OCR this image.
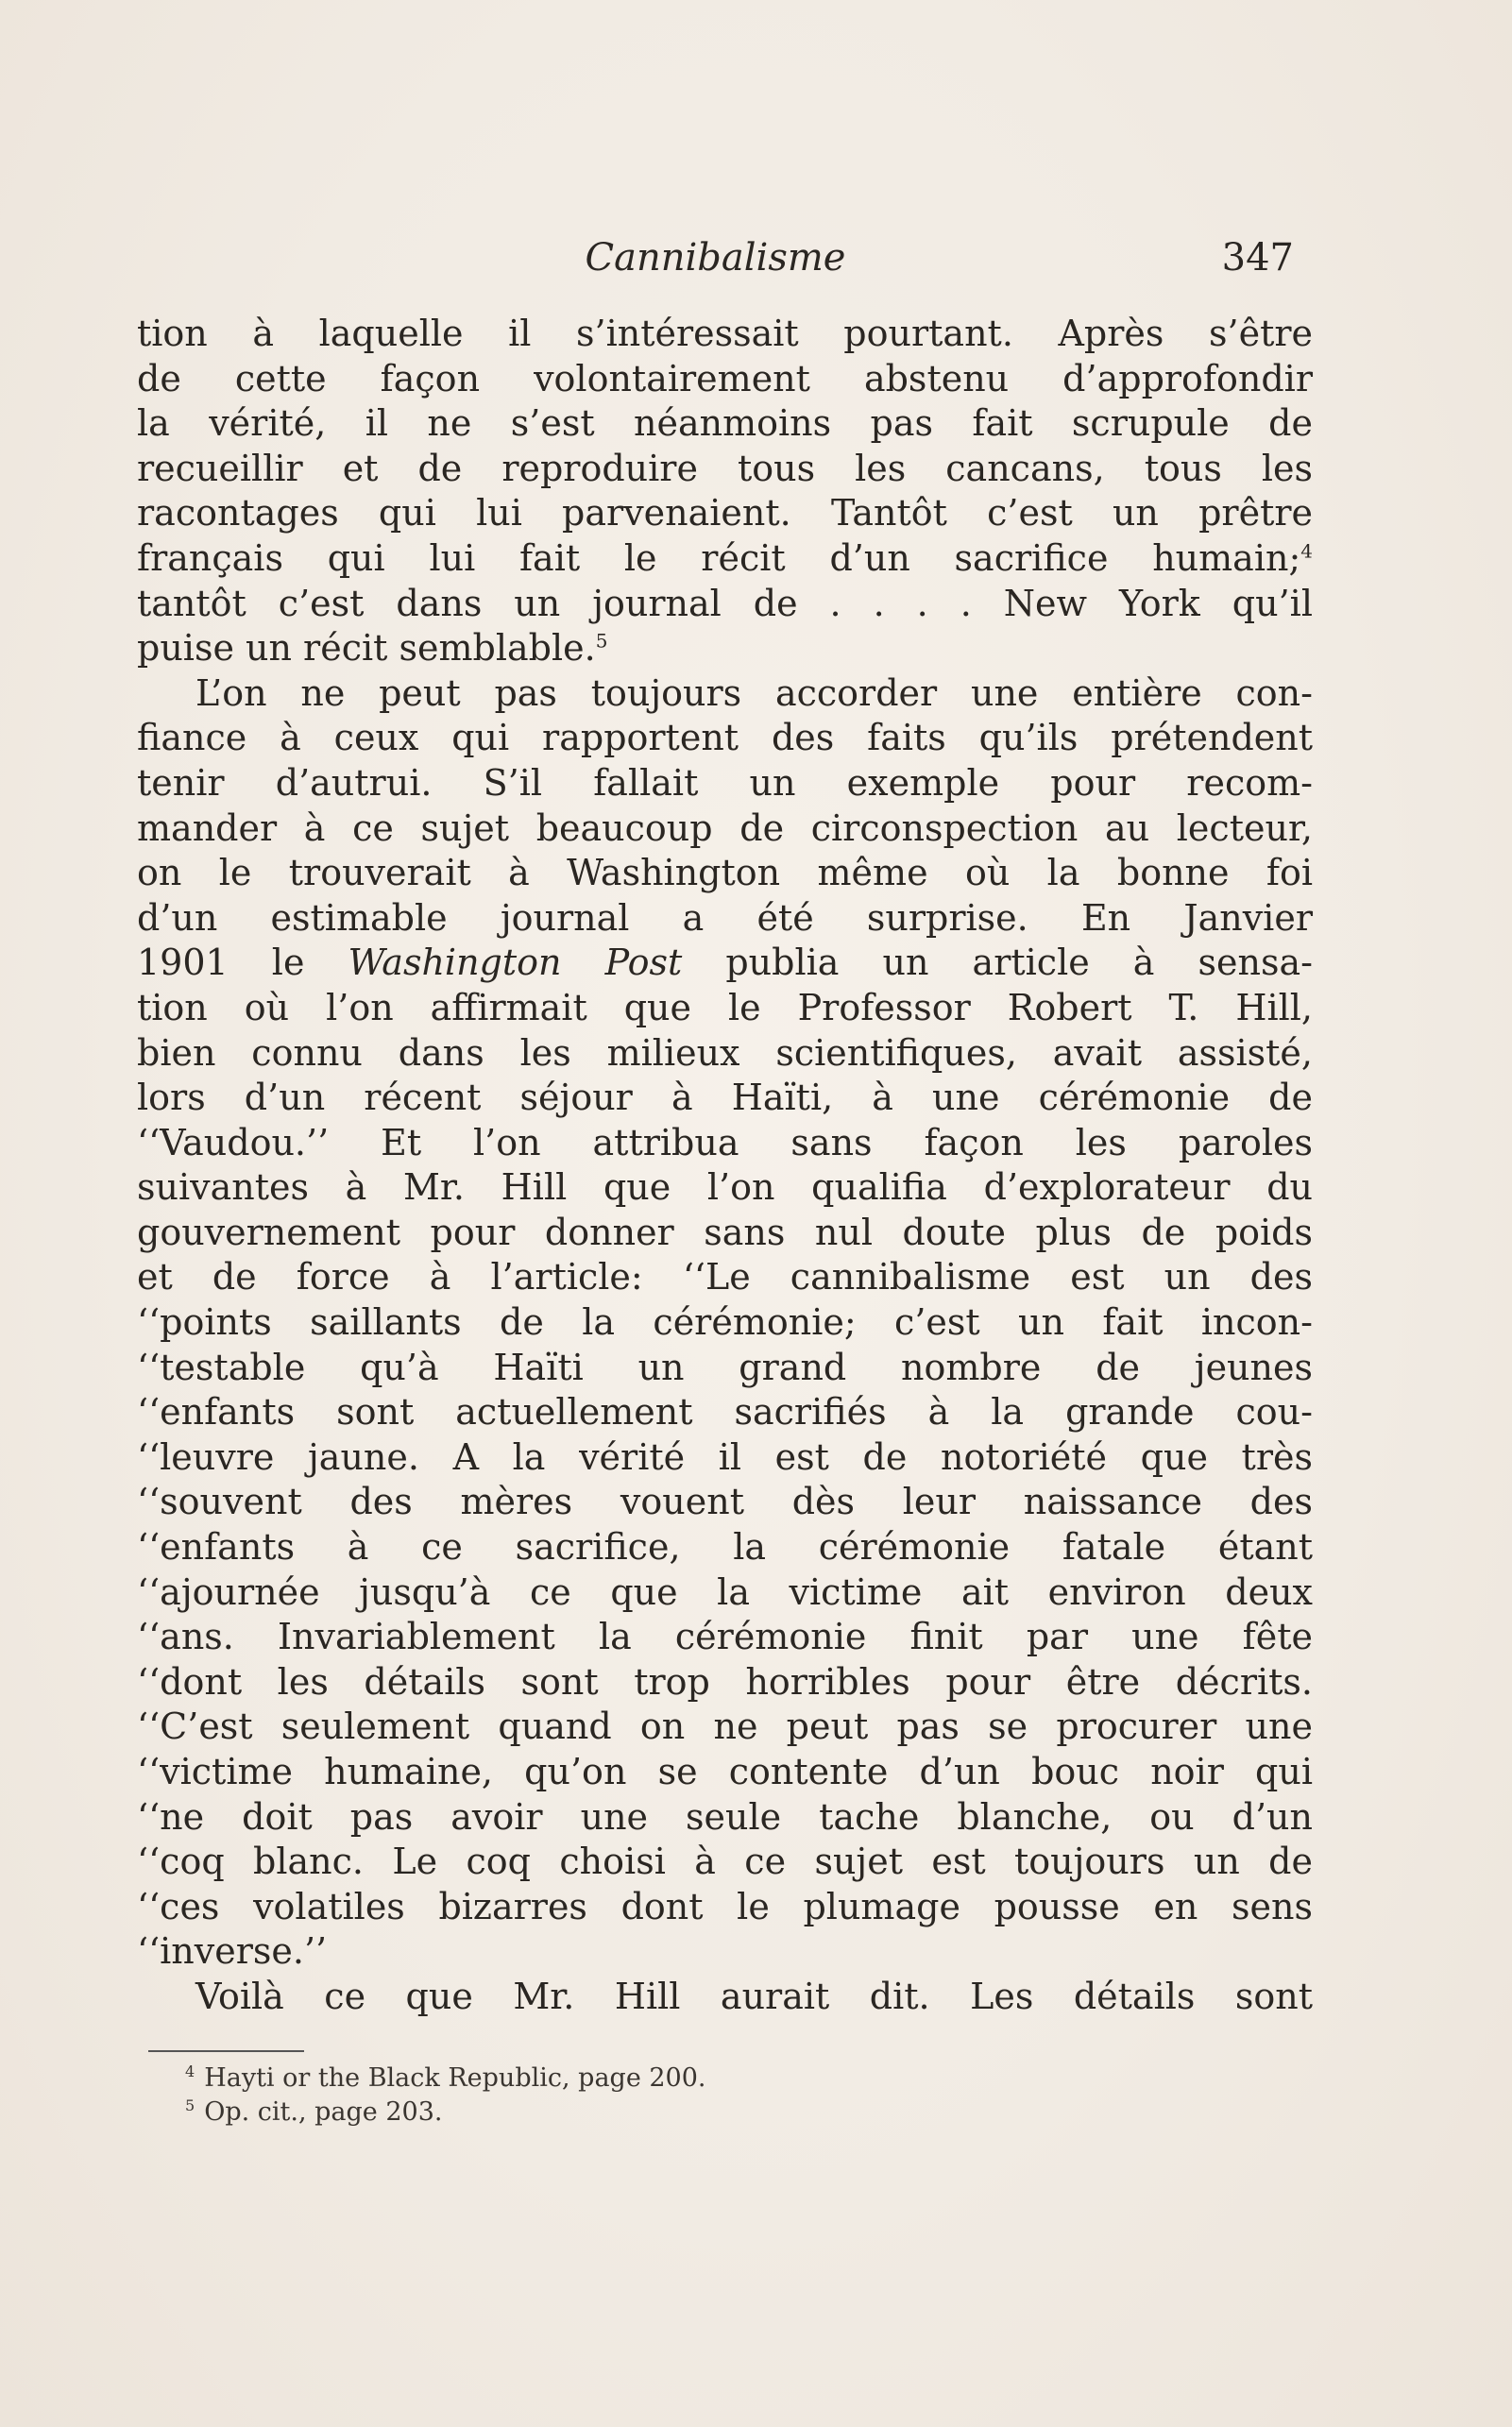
Cannibalisme	347
tion à laquelle il s’intéressait pourtant. Après s’être
de cette façon volontairement abstenu d’approfondir
la vérité, il ne s’est néanmoins pas fait scrupule de
recueillir et de reproduire tous les cancans, tous les
racontages qui lui parvenaient. Tantôt c’est un prêtre
français qui lui fait le récit d’un sacrifice humain;$^4$
tantôt c’est dans un journal de . . . . New York qu’il
puise un récit semblable.$^5$
L’on ne peut pas toujours accorder une entière con-
fiance à ceux qui rapportent des faits qu’ils prétendent
tenir d’autrui. S’il fallait un exemple pour recom-
mander à ce sujet beaucoup de circonspection au lecteur,
on le trouverait à Washington même où la bonne foi
d’un estimable journal a été surprise. En Janvier
1901 le Washington Post publia un article à sensa-
tion où l’on affirmait que le Professor Robert T. Hill,
bien connu dans les milieux scientifiques, avait assisté,
lors d’un récent séjour à Haïti, à une cérémonie de
‘‘Vaudou.’’ Et l’on attribua sans façon les paroles
suivantes à Mr. Hill que l’on qualifia d’explorateur du
gouvernement pour donner sans nul doute plus de poids
et de force à l’article: ‘‘Le cannibalisme est un des
‘‘points saillants de la cérémonie; c’est un fait incon-
‘‘testable qu’à Haïti un grand nombre de jeunes
‘‘enfants sont actuellement sacrifiés à la grande cou-
‘‘leuvre jaune. A la vérité il est de notoriété que très
‘‘souvent des mères vouent dès leur naissance des
‘‘enfants à ce sacrifice, la cérémonie fatale étant
‘‘ajournée jusqu’à ce que la victime ait environ deux
‘‘ans. Invariablement la cérémonie finit par une fête
‘‘dont les détails sont trop horribles pour être décrits.
‘‘C’est seulement quand on ne peut pas se procurer une
‘‘victime humaine, qu’on se contente d’un bouc noir qui
‘‘ne doit pas avoir une seule tache blanche, ou d’un
‘‘coq blanc. Le coq choisi à ce sujet est toujours un de
‘‘ces volatiles bizarres dont le plumage pousse en sens
‘‘inverse.’’
Voilà ce que Mr. Hill aurait dit. Les détails sont
$^4$ Hayti or the Black Republic, page 200.
$^5$ Op. cit., page 203.
